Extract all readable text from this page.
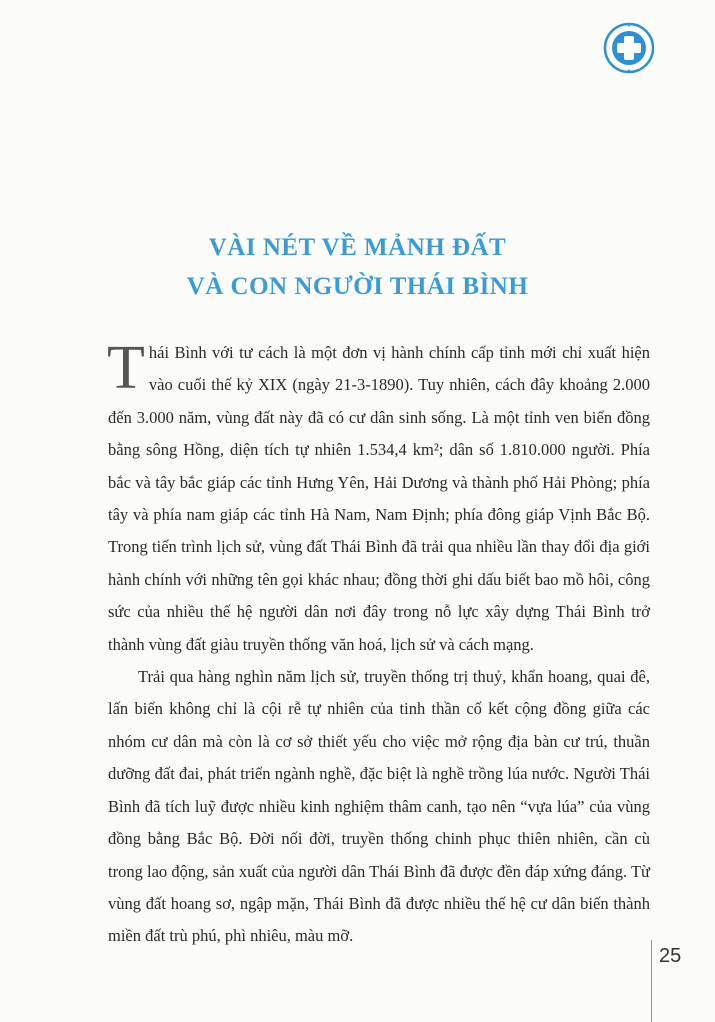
VÀI NÉT VỀ MẢNH ĐẤT
VÀ CON NGƯỜI THÁI BÌNH

Thái Bình với tư cách là một đơn vị hành chính cấp tỉnh mới chỉ xuất hiện vào cuối thế kỷ XIX (ngày 21-3-1890). Tuy nhiên, cách đây khoảng 2.000 đến 3.000 năm, vùng đất này đã có cư dân sinh sống. Là một tỉnh ven biển đồng bằng sông Hồng, diện tích tự nhiên 1.534,4 km²; dân số 1.810.000 người. Phía bắc và tây bắc giáp các tỉnh Hưng Yên, Hải Dương và thành phố Hải Phòng; phía tây và phía nam giáp các tỉnh Hà Nam, Nam Định; phía đông giáp Vịnh Bắc Bộ. Trong tiến trình lịch sử, vùng đất Thái Bình đã trải qua nhiều lần thay đổi địa giới hành chính với những tên gọi khác nhau; đồng thời ghi dấu biết bao mồ hôi, công sức của nhiều thế hệ người dân nơi đây trong nỗ lực xây dựng Thái Bình trở thành vùng đất giàu truyền thống văn hoá, lịch sử và cách mạng.

Trải qua hàng nghìn năm lịch sử, truyền thống trị thuỷ, khẩn hoang, quai đê, lấn biển không chỉ là cội rễ tự nhiên của tinh thần cố kết cộng đồng giữa các nhóm cư dân mà còn là cơ sở thiết yếu cho việc mở rộng địa bàn cư trú, thuần dưỡng đất đai, phát triển ngành nghề, đặc biệt là nghề trồng lúa nước. Người Thái Bình đã tích luỹ được nhiều kinh nghiệm thâm canh, tạo nên “vựa lúa” của vùng đồng bằng Bắc Bộ. Đời nối đời, truyền thống chinh phục thiên nhiên, cần cù trong lao động, sản xuất của người dân Thái Bình đã được đền đáp xứng đáng. Từ vùng đất hoang sơ, ngập mặn, Thái Bình đã được nhiều thế hệ cư dân biến thành miền đất trù phú, phì nhiêu, màu mỡ.

25
